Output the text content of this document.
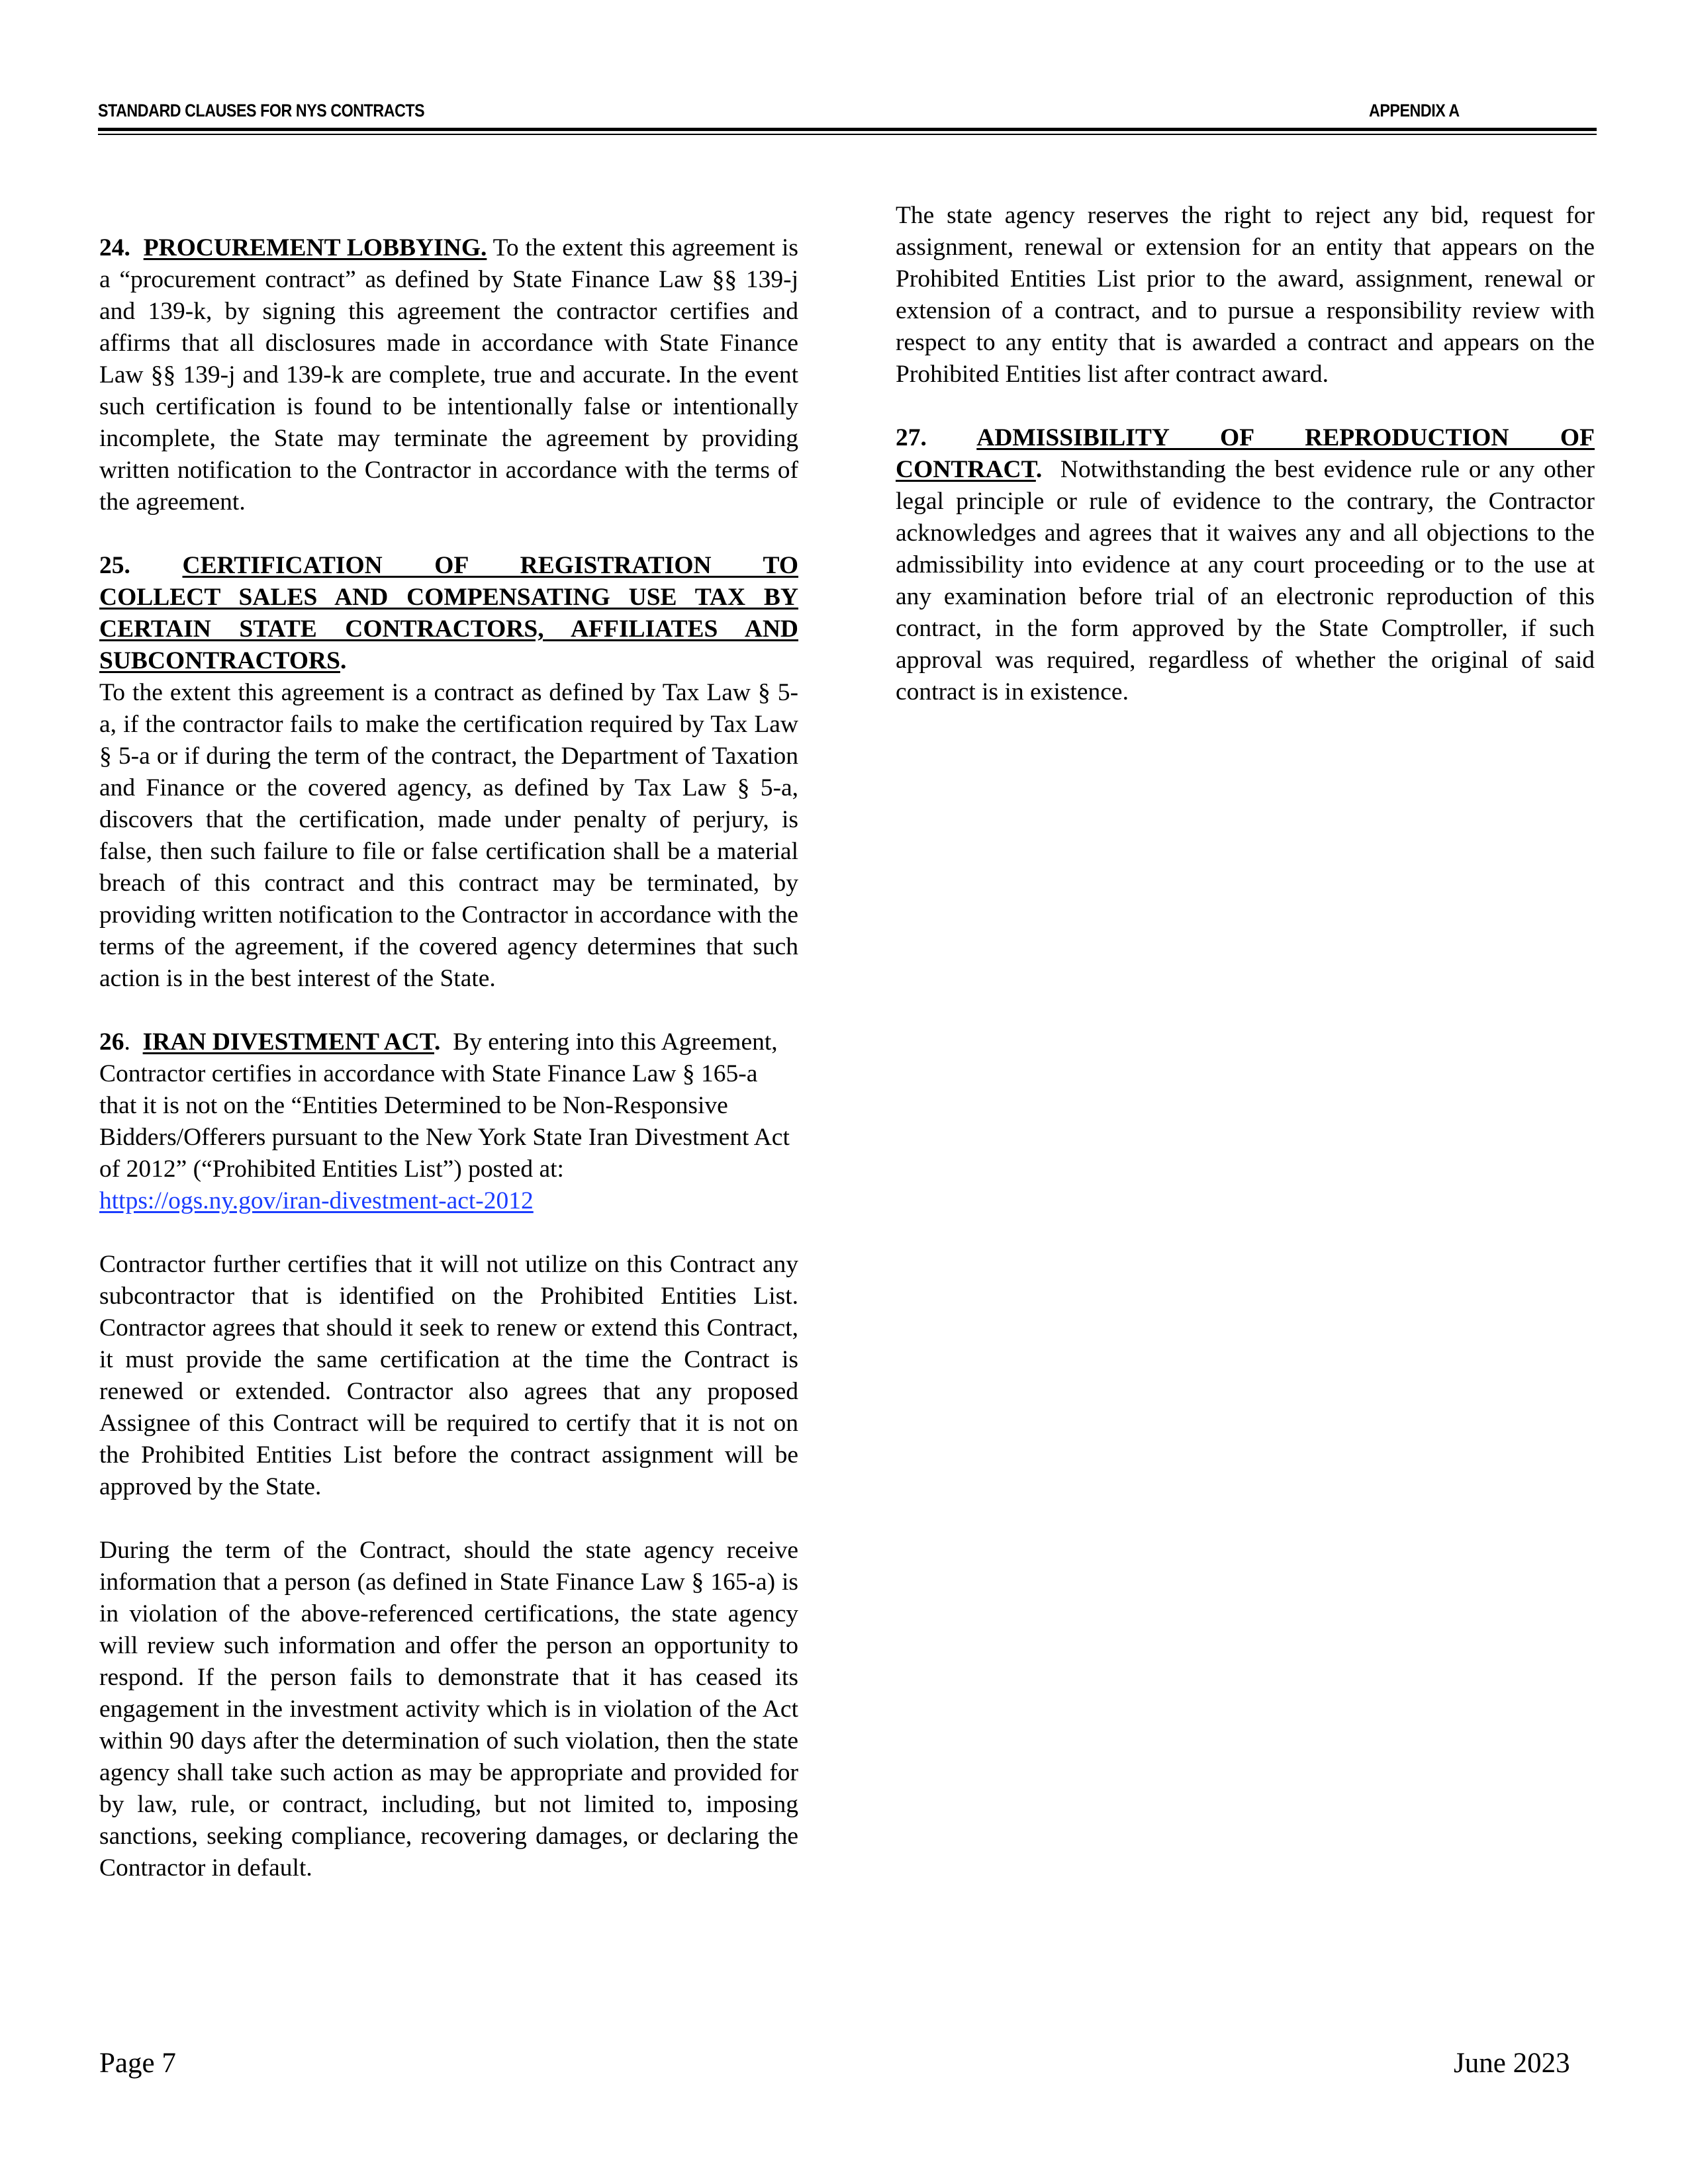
STANDARD CLAUSES FOR NYS CONTRACTS	APPENDIX A

24. PROCUREMENT LOBBYING. To the extent this agreement is a “procurement contract” as defined by State Finance Law §§ 139-j and 139-k, by signing this agreement the contractor certifies and affirms that all disclosures made in accordance with State Finance Law §§ 139-j and 139-k are complete, true and accurate. In the event such certification is found to be intentionally false or intentionally incomplete, the State may terminate the agreement by providing written notification to the Contractor in accordance with the terms of the agreement.

25. CERTIFICATION OF REGISTRATION TO
COLLECT SALES AND COMPENSATING USE TAX BY
CERTAIN STATE CONTRACTORS, AFFILIATES AND
SUBCONTRACTORS.

To the extent this agreement is a contract as defined by Tax Law § 5-a, if the contractor fails to make the certification required by Tax Law § 5-a or if during the term of the contract, the Department of Taxation and Finance or the covered agency, as defined by Tax Law § 5-a, discovers that the certification, made under penalty of perjury, is false, then such failure to file or false certification shall be a material breach of this contract and this contract may be terminated, by providing written notification to the Contractor in accordance with the terms of the agreement, if the covered agency determines that such action is in the best interest of the State.

26. IRAN DIVESTMENT ACT. By entering into this Agreement, Contractor certifies in accordance with State Finance Law § 165-a that it is not on the “Entities Determined to be Non-Responsive Bidders/Offerers pursuant to the New York State Iran Divestment Act of 2012” (“Prohibited Entities List”) posted at:  https://ogs.ny.gov/iran-divestment-act-2012

Contractor further certifies that it will not utilize on this Contract any subcontractor that is identified on the Prohibited Entities List. Contractor agrees that should it seek to renew or extend this Contract, it must provide the same certification at the time the Contract is renewed or extended. Contractor also agrees that any proposed Assignee of this Contract will be required to certify that it is not on the Prohibited Entities List before the contract assignment will be approved by the State.

During the term of the Contract, should the state agency receive information that a person (as defined in State Finance Law § 165-a) is in violation of the above-referenced certifications, the state agency will review such information and offer the person an opportunity to respond. If the person fails to demonstrate that it has ceased its engagement in the investment activity which is in violation of the Act within 90 days after the determination of such violation, then the state agency shall take such action as may be appropriate and provided for by law, rule, or contract, including, but not limited to, imposing sanctions, seeking compliance, recovering damages, or declaring the Contractor in default.

The state agency reserves the right to reject any bid, request for assignment, renewal or extension for an entity that appears on the Prohibited Entities List prior to the award, assignment, renewal or extension of a contract, and to pursue a responsibility review with respect to any entity that is awarded a contract and appears on the Prohibited Entities list after contract award.

27. ADMISSIBILITY OF REPRODUCTION OF

CONTRACT. Notwithstanding the best evidence rule or any other legal principle or rule of evidence to the contrary, the Contractor acknowledges and agrees that it waives any and all objections to the admissibility into evidence at any court proceeding or to the use at any examination before trial of an electronic reproduction of this contract, in the form approved by the State Comptroller, if such approval was required, regardless of whether the original of said contract is in existence.

Page 7	June 2023
